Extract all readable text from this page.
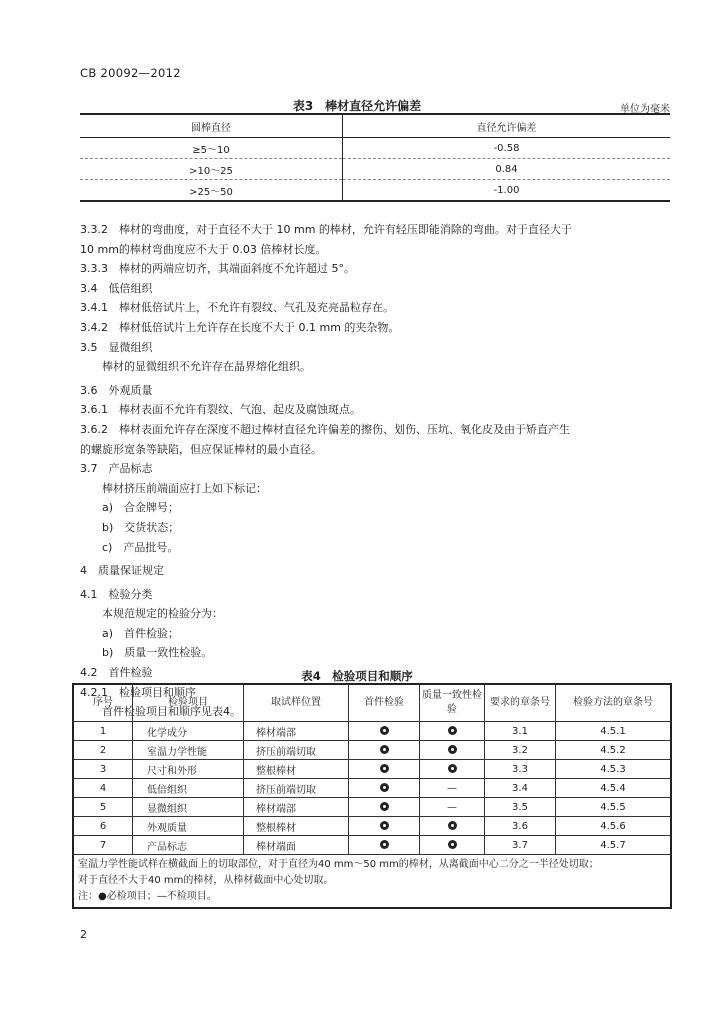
CB 20092—2012
表3　棒材直径允许偏差	单位为毫米
圆棒直径	直径允许偏差
≥5～10	-0.58
>10～25	0.84
>25～50	-1.00

3.3.2　棒材的弯曲度，对于直径不大于 10 mm 的棒材，允许有轻压即能消除的弯曲。对于直径大于

10 mm的棒材弯曲度应不大于 0.03 倍棒材长度。

3.3.3　棒材的两端应切齐，其端面斜度不允许超过 5°。

3.4　低倍组织

3.4.1　棒材低倍试片上，不允许有裂纹、气孔及充亮晶粒存在。

3.4.2　棒材低倍试片上允许存在长度不大于 0.1 mm 的夹杂物。

3.5　显微组织

棒材的显微组织不允许存在晶界熔化组织。

3.6　外观质量

3.6.1　棒材表面不允许有裂纹、气泡、起皮及腐蚀斑点。

3.6.2　棒材表面允许存在深度不超过棒材直径允许偏差的擦伤、划伤、压坑、氧化皮及由于矫直产生

的螺旋形宽条等缺陷，但应保证棒材的最小直径。

3.7　产品标志

棒材挤压前端面应打上如下标记：

a)　合金牌号；

b)　交货状态；

c)　产品批号。

4　质量保证规定

4.1　检验分类

本规范规定的检验分为：

a)　首件检验；

b)　质量一致性检验。

4.2　首件检验

4.2.1　检验项目和顺序

首件检验项目和顺序见表4。

表4　检验项目和顺序
序号	检验项目	取试样位置	首件检验	质量一致性检验	要求的章条号	检验方法的章条号
1	化学成分	棒材端部			3.1	4.5.1
2	室温力学性能	挤压前端切取			3.2	4.5.2
3	尺寸和外形	整根棒材			3.3	4.5.3
4	低倍组织	挤压前端切取		—	3.4	4.5.4
5	显微组织	棒材端部		—	3.5	4.5.5
6	外观质量	整根棒材			3.6	4.5.6
7	产品标志	棒材端面			3.7	4.5.7

室温力学性能试样在横截面上的切取部位，对于直径为40 mm～50 mm的棒材，从离截面中心二分之一半径处切取；
对于直径不大于40 mm的棒材，从棒材截面中心处切取。
注：●必检项目；—不检项目。						
2
